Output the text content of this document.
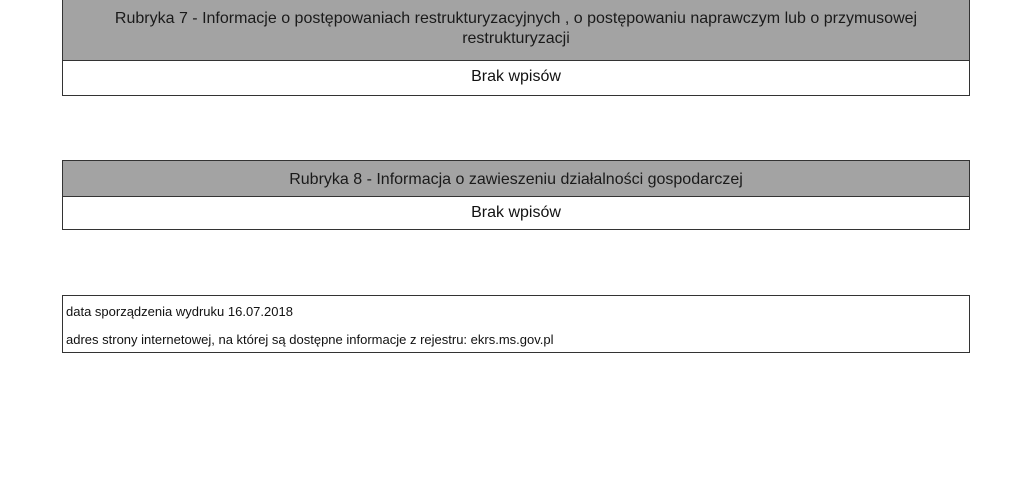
Rubryka 7 - Informacje o postępowaniach restrukturyzacyjnych , o postępowaniu naprawczym lub o przymusowej
restrukturyzacji
Brak wpisów
Rubryka 8 - Informacja o zawieszeniu działalności gospodarczej
Brak wpisów
data sporządzenia wydruku 16.07.2018
adres strony internetowej, na której są dostępne informacje z rejestru: ekrs.ms.gov.pl
